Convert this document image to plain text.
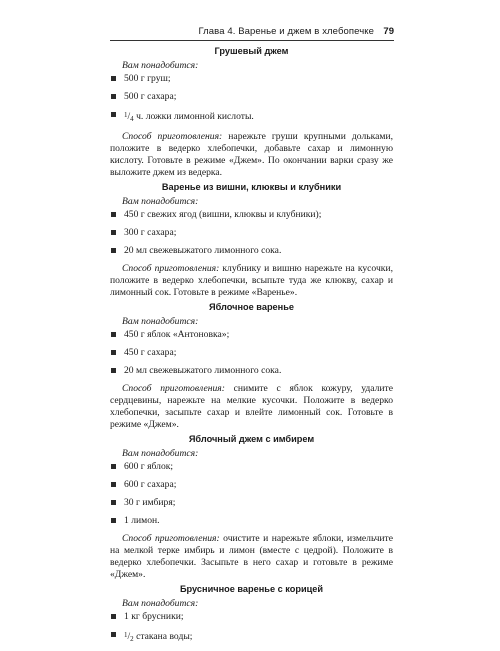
Глава 4. Варенье и джем в хлебопечке 79
Грушевый джем
Вам понадобится:
500 г груш;
500 г сахара;
$^1/_4$ ч. ложки лимонной кислоты.
Способ приготовления: нарежьте груши крупными дольками, положите в ведерко хлебопечки, добавьте сахар и лимонную кислоту. Готовьте в режиме «Джем». По окончании варки сразу же выложите джем из ведерка.
Варенье из вишни, клюквы и клубники
Вам понадобится:
450 г свежих ягод (вишни, клюквы и клубники);
300 г сахара;
20 мл свежевыжатого лимонного сока.
Способ приготовления: клубнику и вишню нарежьте на кусочки, положите в ведерко хлебопечки, всыпьте туда же клюкву, сахар и лимонный сок. Готовьте в режиме «Варенье».
Яблочное варенье
Вам понадобится:
450 г яблок «Антоновка»;
450 г сахара;
20 мл свежевыжатого лимонного сока.
Способ приготовления: снимите с яблок кожуру, удалите сердцевины, нарежьте на мелкие кусочки. Положите в ведерко хлебопечки, засыпьте сахар и влейте лимонный сок. Готовьте в режиме «Джем».
Яблочный джем с имбирем
Вам понадобится:
600 г яблок;
600 г сахара;
30 г имбиря;
1 лимон.
Способ приготовления: очистите и нарежьте яблоки, измельчите на мелкой терке имбирь и лимон (вместе с цедрой). Положите в ведерко хлебопечки. Засыпьте в него сахар и готовьте в режиме «Джем».
Брусничное варенье с корицей
Вам понадобится:
1 кг брусники;
$^1/_2$ стакана воды;
